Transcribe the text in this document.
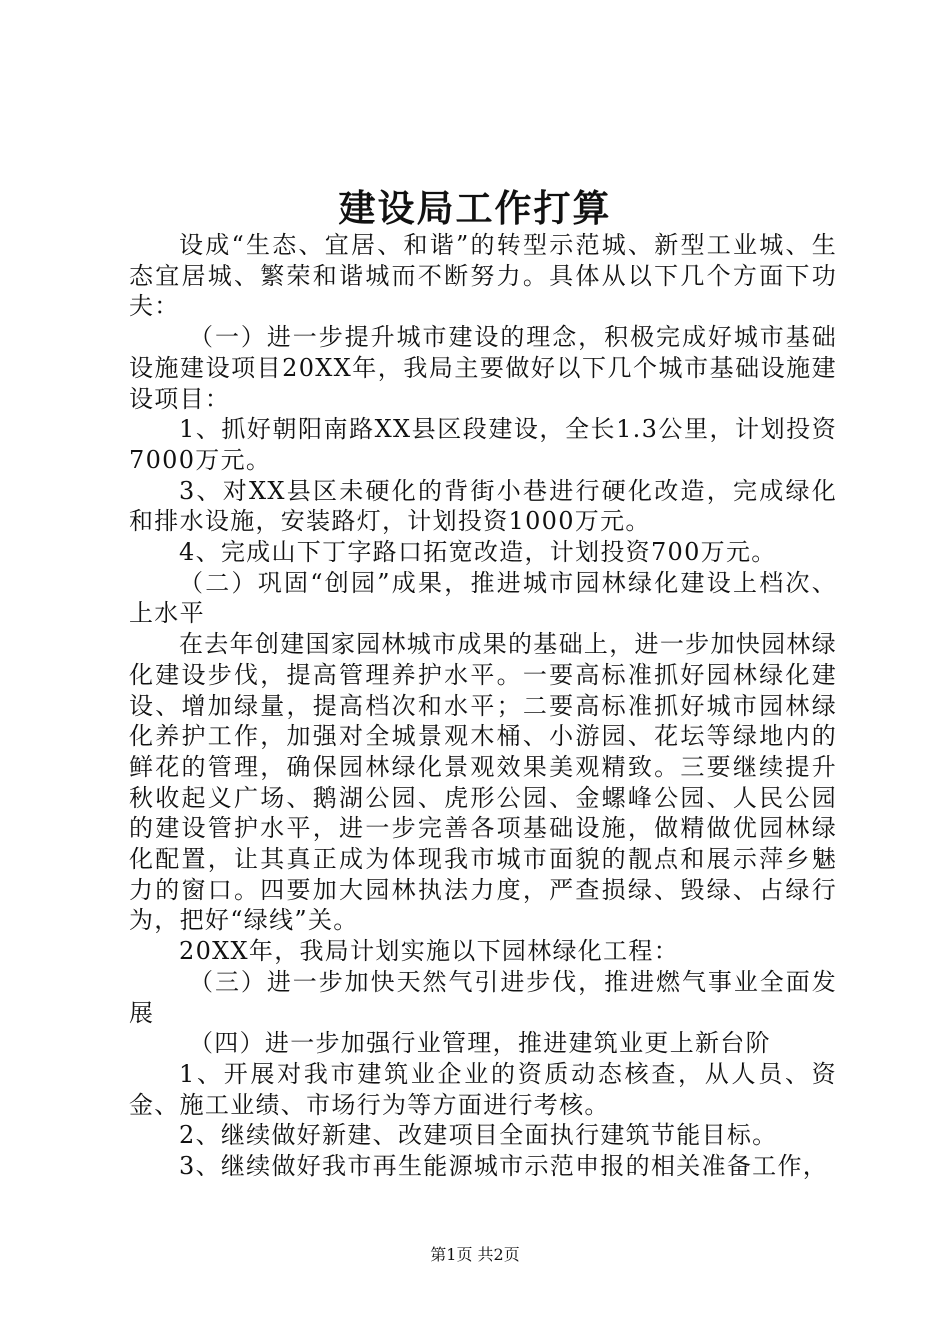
建设局工作打算

设成“生态、宜居、和谐”的转型示范城、新型工业城、生态宜居城、繁荣和谐城而不断努力。具体从以下几个方面下功夫：

（一）进一步提升城市建设的理念，积极完成好城市基础设施建设项目20XX年，我局主要做好以下几个城市基础设施建设项目：

1、抓好朝阳南路XX县区段建设，全长1.3公里，计划投资7000万元。

3、对XX县区未硬化的背街小巷进行硬化改造，完成绿化和排水设施，安装路灯，计划投资1000万元。

4、完成山下丁字路口拓宽改造，计划投资700万元。

（二）巩固“创园”成果，推进城市园林绿化建设上档次、上水平

在去年创建国家园林城市成果的基础上，进一步加快园林绿化建设步伐，提高管理养护水平。一要高标准抓好园林绿化建设、增加绿量，提高档次和水平；二要高标准抓好城市园林绿化养护工作，加强对全城景观木桶、小游园、花坛等绿地内的鲜花的管理，确保园林绿化景观效果美观精致。三要继续提升秋收起义广场、鹅湖公园、虎形公园、金螺峰公园、人民公园的建设管护水平，进一步完善各项基础设施，做精做优园林绿化配置，让其真正成为体现我市城市面貌的靓点和展示萍乡魅力的窗口。四要加大园林执法力度，严查损绿、毁绿、占绿行为，把好“绿线”关。

20XX年，我局计划实施以下园林绿化工程：

（三）进一步加快天然气引进步伐，推进燃气事业全面发展

（四）进一步加强行业管理，推进建筑业更上新台阶

1、开展对我市建筑业企业的资质动态核查，从人员、资金、施工业绩、市场行为等方面进行考核。

2、继续做好新建、改建项目全面执行建筑节能目标。

3、继续做好我市再生能源城市示范申报的相关准备工作，

第1页 共2页
